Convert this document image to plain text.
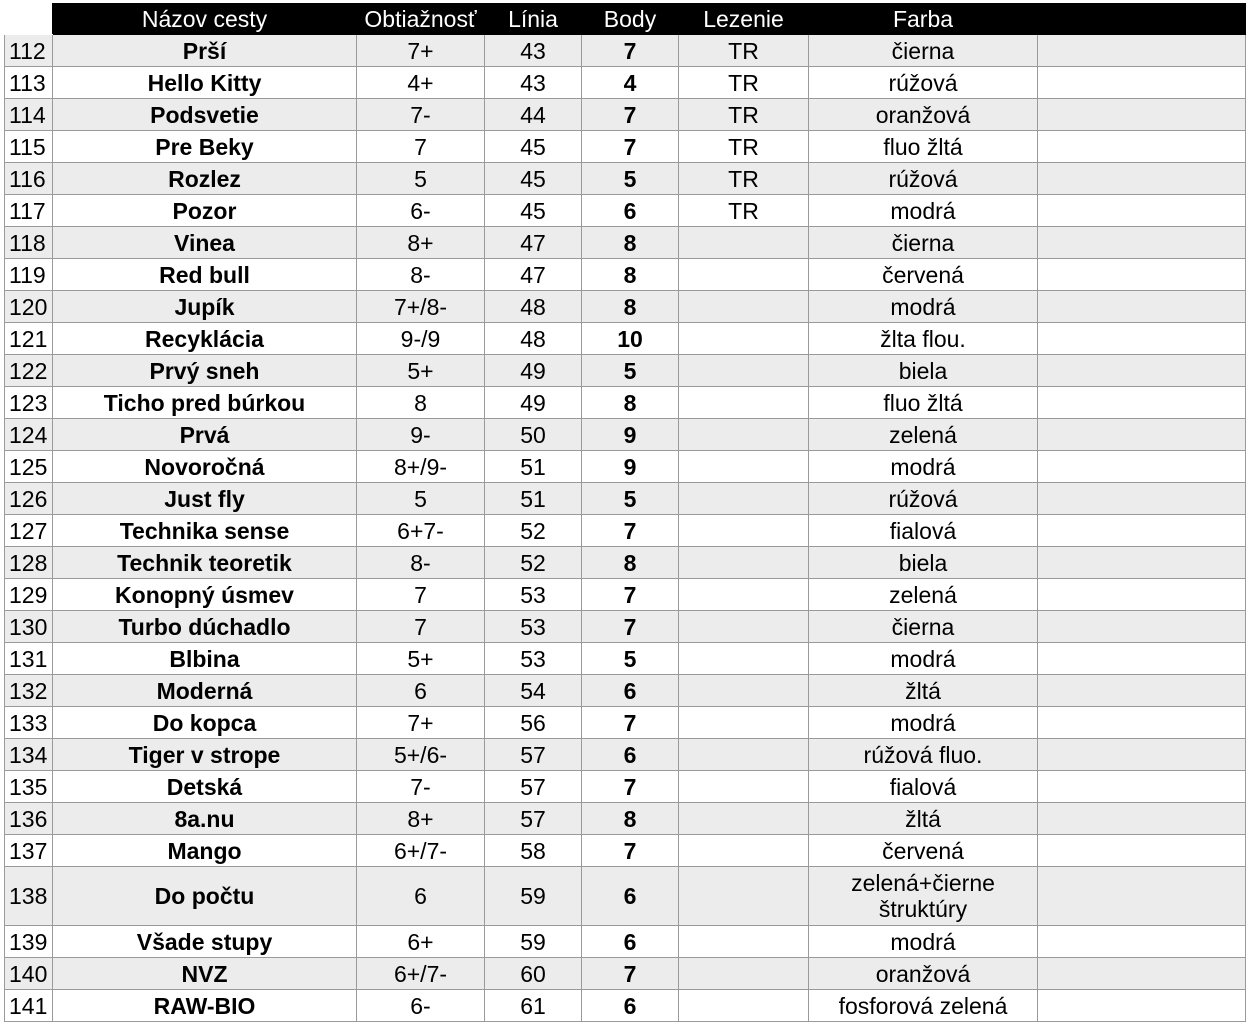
	Názov cesty	Obtiažnosť	Línia	Body	Lezenie	Farba	
112	Prší	7+	43	7	TR	čierna	
113	Hello Kitty	4+	43	4	TR	rúžová	
114	Podsvetie	7-	44	7	TR	oranžová	
115	Pre Beky	7	45	7	TR	fluo žltá	
116	Rozlez	5	45	5	TR	rúžová	
117	Pozor	6-	45	6	TR	modrá	
118	Vinea	8+	47	8		čierna	
119	Red bull	8-	47	8		červená	
120	Jupík	7+/8-	48	8		modrá	
121	Recyklácia	9-/9	48	10		žlta flou.	
122	Prvý sneh	5+	49	5		biela	
123	Ticho pred búrkou	8	49	8		fluo žltá	
124	Prvá	9-	50	9		zelená	
125	Novoročná	8+/9-	51	9		modrá	
126	Just fly	5	51	5		rúžová	
127	Technika sense	6+7-	52	7		fialová	
128	Technik teoretik	8-	52	8		biela	
129	Konopný úsmev	7	53	7		zelená	
130	Turbo dúchadlo	7	53	7		čierna	
131	Blbina	5+	53	5		modrá	
132	Moderná	6	54	6		žltá	
133	Do kopca	7+	56	7		modrá	
134	Tiger v strope	5+/6-	57	6		rúžová fluo.	
135	Detská	7-	57	7		fialová	
136	8a.nu	8+	57	8		žltá	
137	Mango	6+/7-	58	7		červená	
138	Do počtu	6	59	6		zelená+čierne štruktúry	
139	Všade stupy	6+	59	6		modrá	
140	NVZ	6+/7-	60	7		oranžová	
141	RAW-BIO	6-	61	6		fosforová zelená	
